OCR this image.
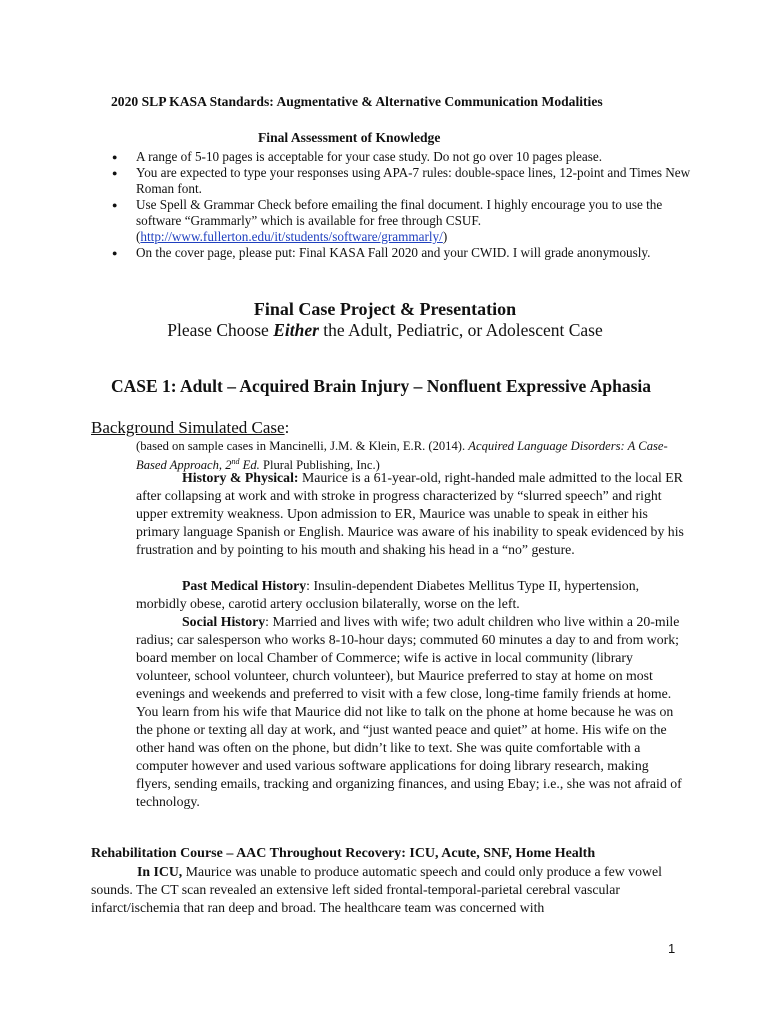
2020 SLP KASA Standards: Augmentative & Alternative Communication Modalities
Final Assessment of Knowledge
● A range of 5-10 pages is acceptable for your case study. Do not go over 10 pages please.
● You are expected to type your responses using APA-7 rules: double-space lines, 12-point and Times New Roman font.
● Use Spell & Grammar Check before emailing the final document. I highly encourage you to use the software “Grammarly” which is available for free through CSUF.
(http://www.fullerton.edu/it/students/software/grammarly/)
● On the cover page, please put: Final KASA Fall 2020 and your CWID. I will grade anonymously.
Final Case Project & Presentation
Please Choose Either the Adult, Pediatric, or Adolescent Case
CASE 1: Adult – Acquired Brain Injury – Nonfluent Expressive Aphasia
Background Simulated Case:
(based on sample cases in Mancinelli, J.M. & Klein, E.R. (2014). Acquired Language Disorders: A Case-Based Approach, 2nd Ed. Plural Publishing, Inc.)
History & Physical: Maurice is a 61-year-old, right-handed male admitted to the local ER after collapsing at work and with stroke in progress characterized by “slurred speech” and right upper extremity weakness. Upon admission to ER, Maurice was unable to speak in either his primary language Spanish or English. Maurice was aware of his inability to speak evidenced by his frustration and by pointing to his mouth and shaking his head in a “no” gesture.
Past Medical History: Insulin-dependent Diabetes Mellitus Type II, hypertension, morbidly obese, carotid artery occlusion bilaterally, worse on the left.
Social History: Married and lives with wife; two adult children who live within a 20-mile radius; car salesperson who works 8-10-hour days; commuted 60 minutes a day to and from work; board member on local Chamber of Commerce; wife is active in local community (library volunteer, school volunteer, church volunteer), but Maurice preferred to stay at home on most evenings and weekends and preferred to visit with a few close, long-time family friends at home. You learn from his wife that Maurice did not like to talk on the phone at home because he was on the phone or texting all day at work, and “just wanted peace and quiet” at home. His wife on the other hand was often on the phone, but didn’t like to text. She was quite comfortable with a computer however and used various software applications for doing library research, making flyers, sending emails, tracking and organizing finances, and using Ebay; i.e., she was not afraid of technology.
Rehabilitation Course – AAC Throughout Recovery: ICU, Acute, SNF, Home Health
In ICU, Maurice was unable to produce automatic speech and could only produce a few vowel sounds. The CT scan revealed an extensive left sided frontal-temporal-parietal cerebral vascular infarct/ischemia that ran deep and broad. The healthcare team was concerned with
1
